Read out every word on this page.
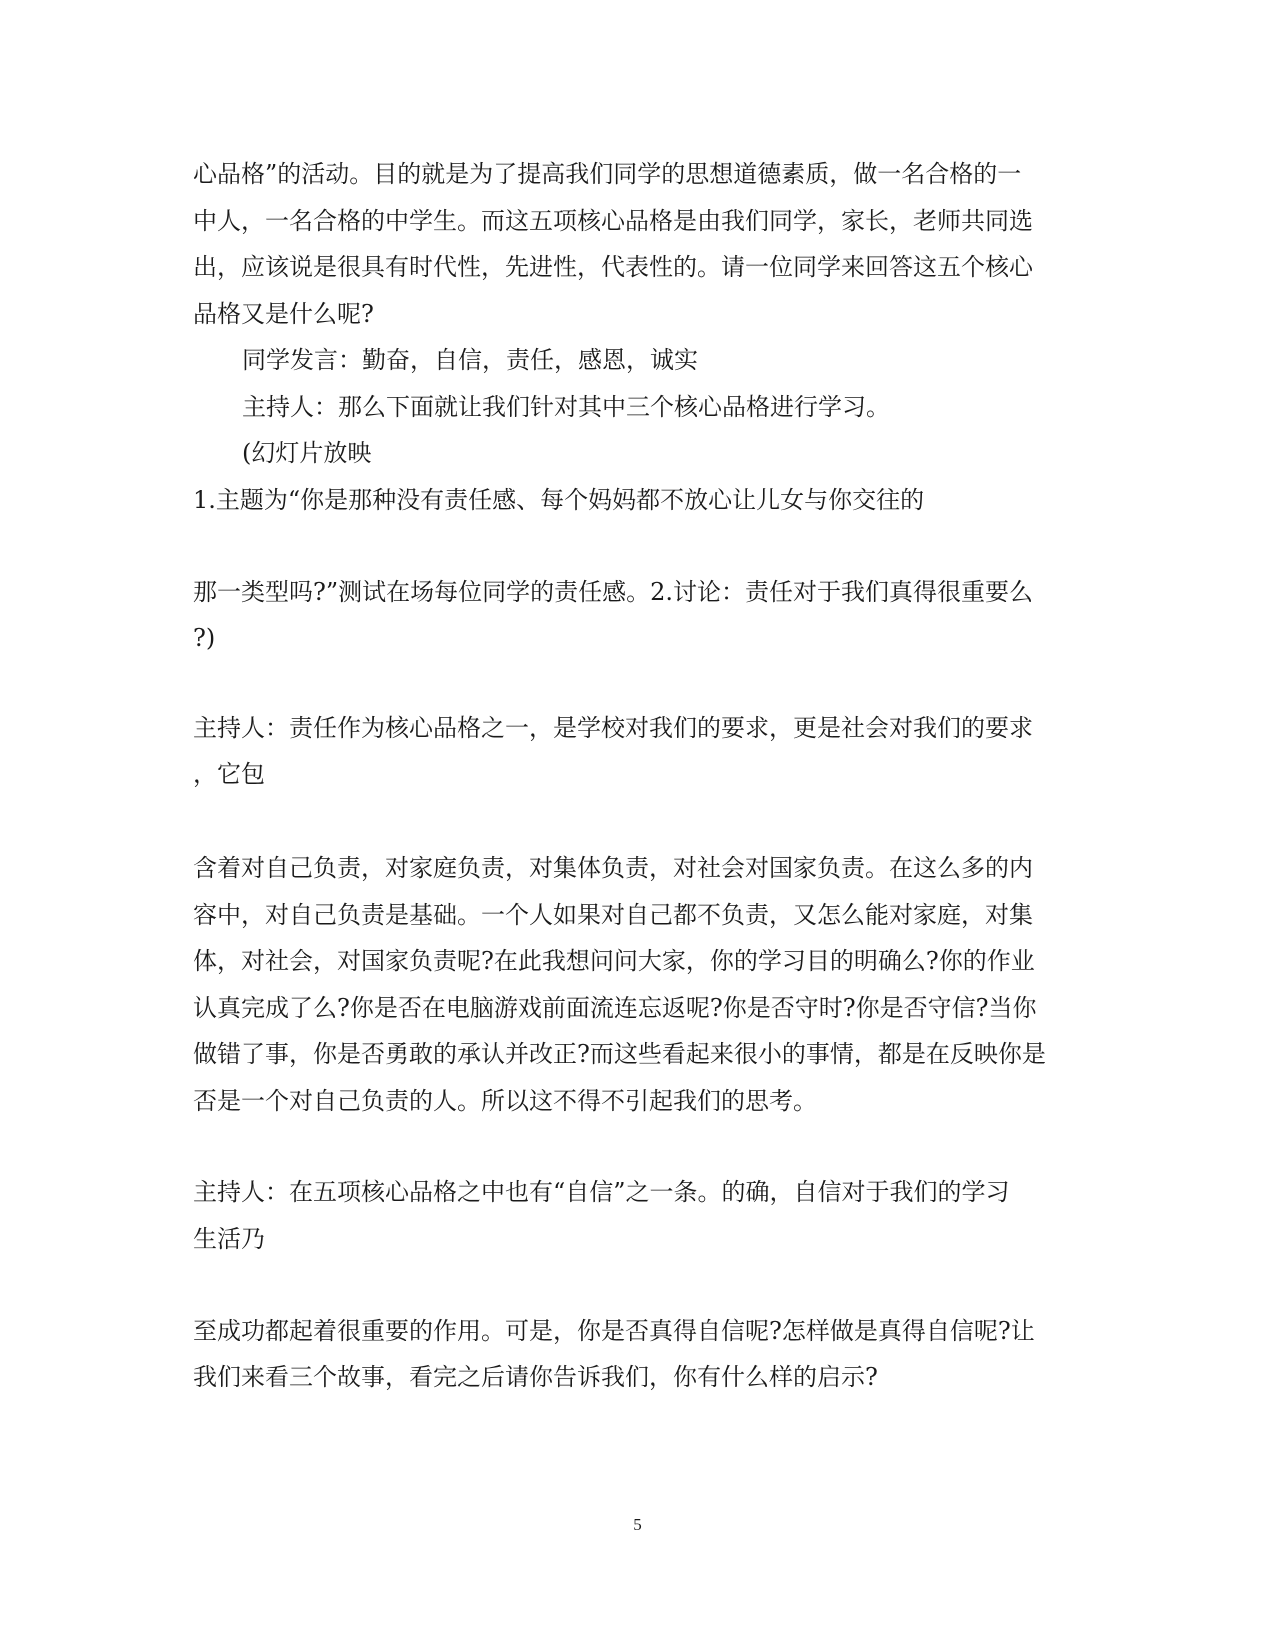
心品格”的活动。目的就是为了提高我们同学的思想道德素质，做一名合格的一
中人，一名合格的中学生。而这五项核心品格是由我们同学，家长，老师共同选
出，应该说是很具有时代性，先进性，代表性的。请一位同学来回答这五个核心
品格又是什么呢?
同学发言：勤奋，自信，责任，感恩，诚实
主持人：那么下面就让我们针对其中三个核心品格进行学习。
(幻灯片放映
1.主题为“你是那种没有责任感、每个妈妈都不放心让儿女与你交往的
那一类型吗?”测试在场每位同学的责任感。2.讨论：责任对于我们真得很重要么
?)
主持人：责任作为核心品格之一，是学校对我们的要求，更是社会对我们的要求
，它包
含着对自己负责，对家庭负责，对集体负责，对社会对国家负责。在这么多的内
容中，对自己负责是基础。一个人如果对自己都不负责，又怎么能对家庭，对集
体，对社会，对国家负责呢?在此我想问问大家，你的学习目的明确么?你的作业
认真完成了么?你是否在电脑游戏前面流连忘返呢?你是否守时?你是否守信?当你
做错了事，你是否勇敢的承认并改正?而这些看起来很小的事情，都是在反映你是
否是一个对自己负责的人。所以这不得不引起我们的思考。
主持人：在五项核心品格之中也有“自信”之一条。的确，自信对于我们的学习
生活乃
至成功都起着很重要的作用。可是，你是否真得自信呢?怎样做是真得自信呢?让
我们来看三个故事，看完之后请你告诉我们，你有什么样的启示?
5
